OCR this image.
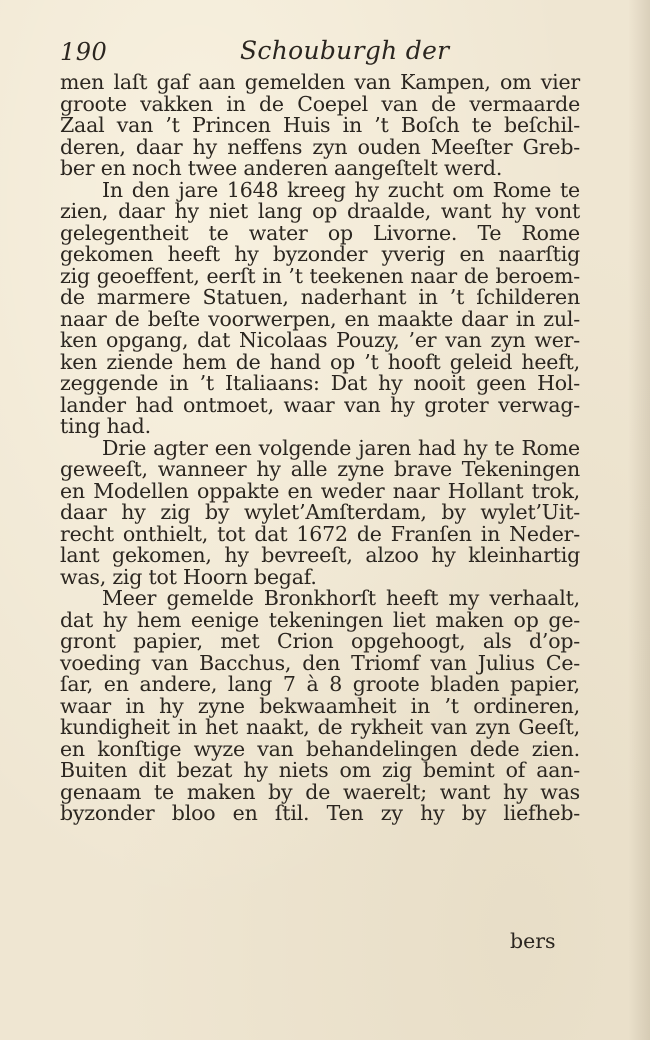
190	Schouburgh der
men laſt gaf aan gemelden van Kampen, om vier
groote vakken in de Coepel van de vermaarde
Zaal van ’t Princen Huis in ’t Boſch te beſchil-
deren, daar hy neffens zyn ouden Meeſter Greb-
ber en noch twee anderen aangeſtelt werd.
In den jare 1648 kreeg hy zucht om Rome te
zien, daar hy niet lang op draalde, want hy vont
gelegentheit te water op Livorne. Te Rome
gekomen heeft hy byzonder yverig en naarſtig
zig geoeffent, eerſt in ’t teekenen naar de beroem-
de marmere Statuen, naderhant in ’t ſchilderen
naar de beſte voorwerpen, en maakte daar in zul-
ken opgang, dat Nicolaas Pouzy, ’er van zyn wer-
ken ziende hem de hand op ’t hooft geleid heeft,
zeggende in ’t Italiaans: Dat hy nooit geen Hol-
lander had ontmoet, waar van hy groter verwag-
ting had.
Drie agter een volgende jaren had hy te Rome
geweeſt, wanneer hy alle zyne brave Tekeningen
en Modellen oppakte en weder naar Hollant trok,
daar hy zig by wylet’Amſterdam, by wylet’Uit-
recht onthielt, tot dat 1672 de Franſen in Neder-
lant gekomen, hy bevreeſt, alzoo hy kleinhartig
was, zig tot Hoorn begaf.
Meer gemelde Bronkhorſt heeft my verhaalt,
dat hy hem eenige tekeningen liet maken op ge-
gront papier, met Crion opgehoogt, als d’op-
voeding van Bacchus, den Triomf van Julius Ce-
ſar, en andere, lang 7 à 8 groote bladen papier,
waar in hy zyne bekwaamheit in ’t ordineren,
kundigheit in het naakt, de rykheit van zyn Geeſt,
en konſtige wyze van behandelingen dede zien.
Buiten dit bezat hy niets om zig bemint of aan-
genaam te maken by de waerelt; want hy was
byzonder bloo en ſtil. Ten zy hy by liefheb-
bers
